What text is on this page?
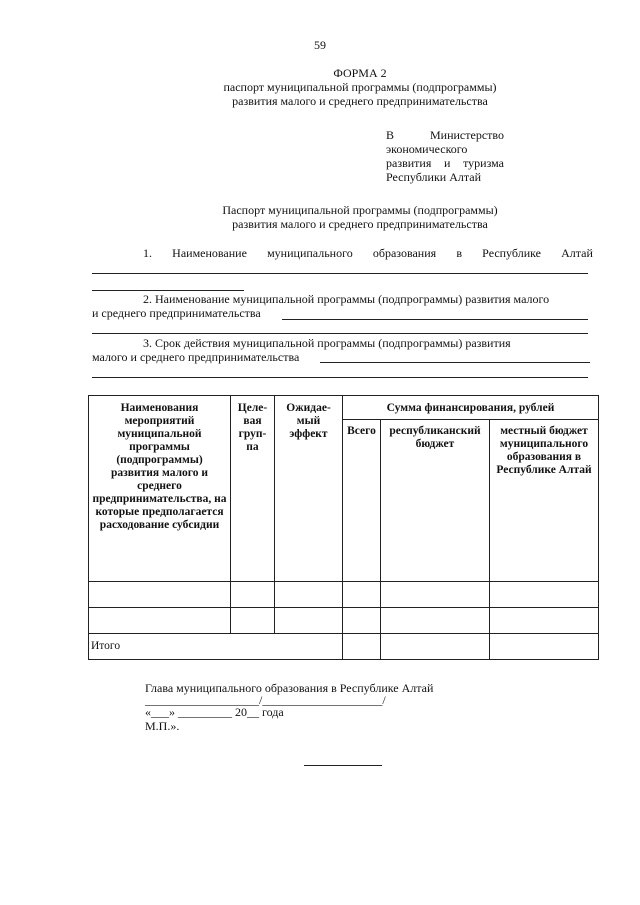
59
ФОРМА 2
паспорт муниципальной программы (подпрограммы)
развития малого и среднего предпринимательства
В	Министерство
экономического
развития и туризма
Республики Алтай
Паспорт муниципальной программы (подпрограммы)
развития малого и среднего предпринимательства
1. Наименование муниципального образования в Республике Алтай
2. Наименование муниципальной программы (подпрограммы) развития малого
и среднего предпринимательства
3. Срок действия муниципальной программы (подпрограммы) развития
малого и среднего предпринимательства
Наименования мероприятий муниципальной программы (подпрограммы) развития малого и среднего предпринимательства, на которые предполагается расходование субсидии	Целе-вая груп-па	Ожидае-мый эффект	Сумма финансирования, рублей		
			Всего	республиканский бюджет	местный бюджет муниципального образования в Республике Алтай

Итого					
Глава муниципального образования в Республике Алтай
___________________/____________________/
«___» _________ 20__ года
М.П.».
